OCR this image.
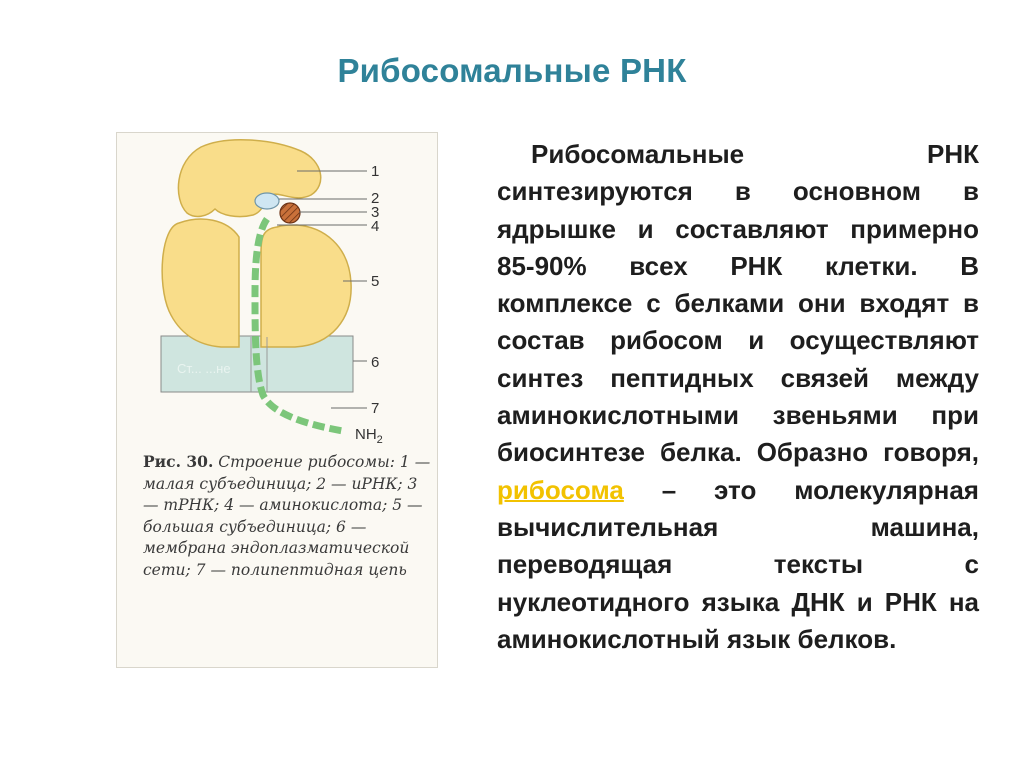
Рибосомальные РНК
Ст... ...не
1
2
3
4
5
6
7
$NH_2$
Рис. 30. Строение рибосомы: 1 — малая субъединица; 2 — иРНК; 3 — тРНК; 4 — аминокислота; 5 — большая субъединица; 6 — мембрана эндоплазматической сети; 7 — полипептидная цепь

Рибосомальные РНК синтезируются в основном в ядрышке и составляют примерно 85-90% всех РНК клетки. В комплексе с белками они входят в состав рибосом и осуществляют синтез пептидных связей между аминокислотными звеньями при биосинтезе белка. Образно говоря, рибосома – это молекулярная вычислительная машина, переводящая тексты с нуклеотидного языка ДНК и РНК на аминокислотный язык белков.
